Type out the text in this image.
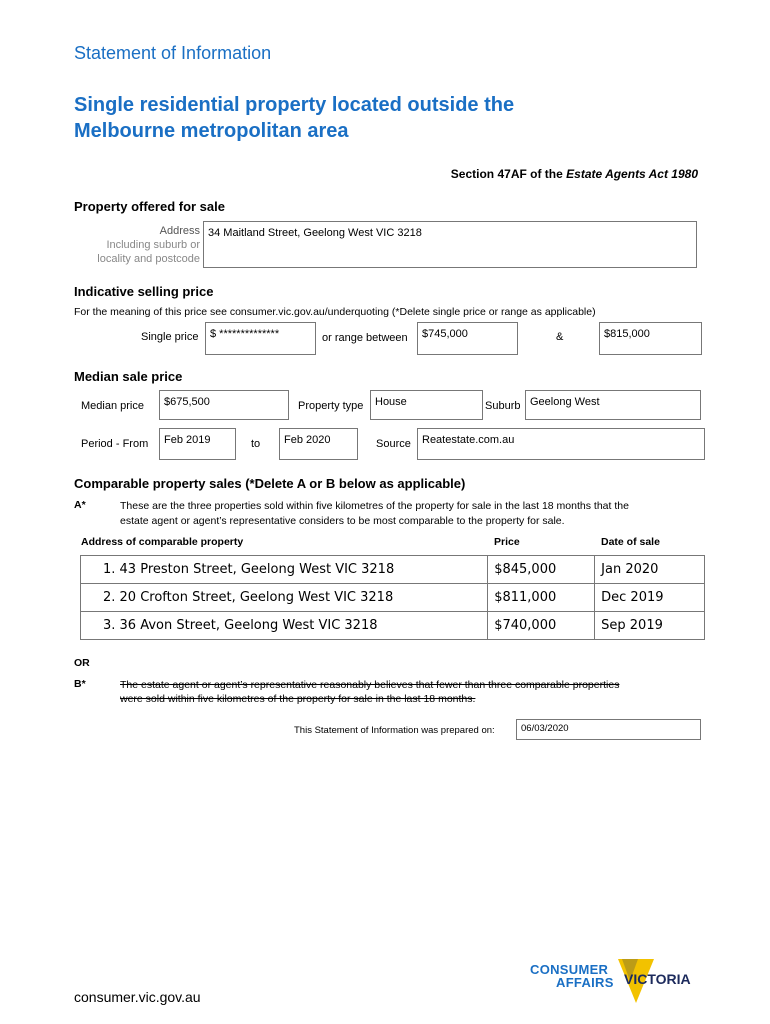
Statement of Information
Single residential property located outside the
Melbourne metropolitan area
Section 47AF of the Estate Agents Act 1980
Property offered for sale
Address
Including suburb or
locality and postcode
34 Maitland Street, Geelong West VIC 3218
Indicative selling price
For the meaning of this price see consumer.vic.gov.au/underquoting (*Delete single price or range as applicable)
Single price	$ **************	or range between	$745,000	&	$815,000
Median sale price
Median price	$675,500	Property type	House	Suburb Geelong West
Period - From	Feb 2019	to	Feb 2020	Source	Reatestate.com.au
Comparable property sales (*Delete A or B below as applicable)
A*	These are the three properties sold within five kilometres of the property for sale in the last 18 months that the
estate agent or agent’s representative considers to be most comparable to the property for sale.
Address of comparable property	Price	Date of sale
1. 43 Preston Street, Geelong West VIC 3218	$845,000	Jan 2020
2. 20 Crofton Street, Geelong West VIC 3218	$811,000	Dec 2019
3. 36 Avon Street, Geelong West VIC 3218	$740,000	Sep 2019
OR
B*	The estate agent or agent’s representative reasonably believes that fewer than three comparable properties
were sold within five kilometres of the property for sale in the last 18 months.
This Statement of Information was prepared on:	06/03/2020
consumer.vic.gov.au
CONSUMER
AFFAIRS VICTORIA
